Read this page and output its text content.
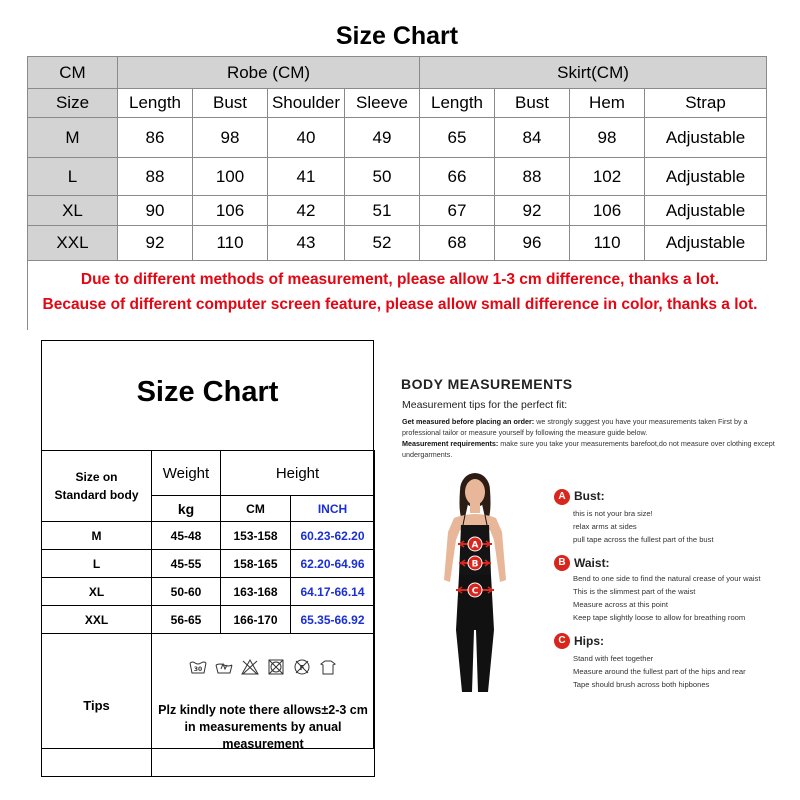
Size Chart
CM	Robe (CM)				Skirt(CM)			
Size	Length	Bust	Shoulder	Sleeve	Length	Bust	Hem	Strap
M	86	98	40	49	65	84	98	Adjustable
L	88	100	41	50	66	88	102	Adjustable
XL	90	106	42	51	67	92	106	Adjustable
XXL	92	110	43	52	68	96	110	Adjustable
Due to different methods of measurement, please allow 1-3 cm difference, thanks a lot.
Because of different computer screen feature, please allow small difference in color, thanks a lot.
Size Chart
Size on
Standard body	Weight	Height	
	kg	CM	INCH
M	45-48	153-158	60.23-62.20
L	45-55	158-165	62.20-64.96
XL	50-60	163-168	64.17-66.14
XXL	56-65	166-170	65.35-66.92
Tips	30 F
Plz kindly note there allows±2-3 cm
in measurements by anual
measurement		
BODY MEASUREMENTS
Measurement tips for the perfect fit:
Get measured before placing an order: we strongly suggest you have your measurements taken First by a professional tailor or measure yourself by following the measure guide below.
Measurement requirements: make sure you take your measurements barefoot,do not measure over clothing except undergarments.
A
B
C
A Bust:
this is not your bra size!
relax arms at sides
pull tape across the fullest part of the bust
B Waist:
Bend to one side to find the natural crease of your waist
This is the slimmest part of the waist
Measure across at this point
Keep tape slightly loose to allow for breathing room
C Hips:
Stand with feet together
Measure around the fullest part of the hips and rear
Tape should brush across both hipbones
